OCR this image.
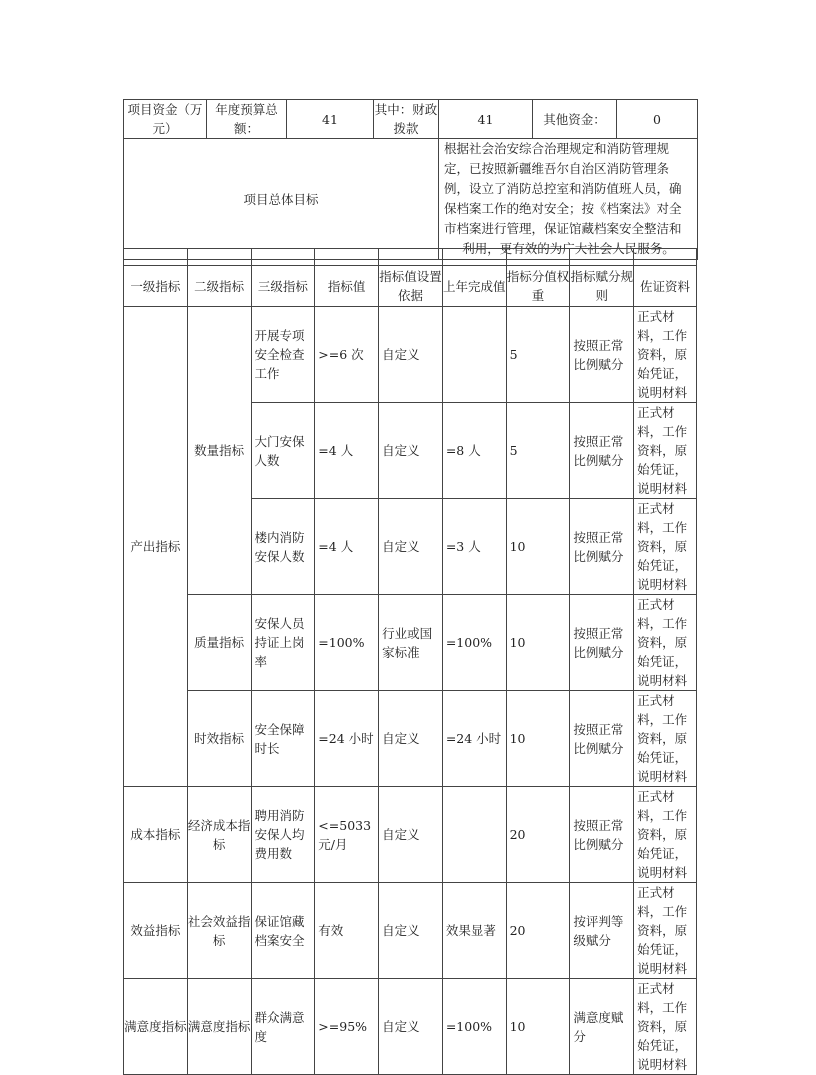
项目资金（万元）	年度预算总额：	41	其中：财政拨款	41	其他资金：	0
项目总体目标				根据社会治安综合治理规定和消防管理规定，已按照新疆维吾尔自治区消防管理条例，设立了消防总控室和消防值班人员，确保档案工作的绝对安全；按《档案法》对全市档案进行管理，保证馆藏档案安全整洁和利用，更有效的为广大社会人民服务。		

一级指标	二级指标	三级指标	指标值	指标值设置依据	上年完成值	指标分值权重	指标赋分规则	佐证资料
产出指标	数量指标	开展专项安全检查工作	>=6 次	自定义		5	按照正常比例赋分	正式材料，工作资料，原始凭证，说明材料
		大门安保人数	=4 人	自定义	=8 人	5	按照正常比例赋分	正式材料，工作资料，原始凭证，说明材料
		楼内消防安保人数	=4 人	自定义	=3 人	10	按照正常比例赋分	正式材料，工作资料，原始凭证，说明材料
	质量指标	安保人员持证上岗率	=100%	行业或国家标准	=100%	10	按照正常比例赋分	正式材料，工作资料，原始凭证，说明材料
	时效指标	安全保障时长	=24 小时	自定义	=24 小时	10	按照正常比例赋分	正式材料，工作资料，原始凭证，说明材料
成本指标	经济成本指标	聘用消防安保人均费用数	<=5033 元/月	自定义		20	按照正常比例赋分	正式材料，工作资料，原始凭证，说明材料
效益指标	社会效益指标	保证馆藏档案安全	有效	自定义	效果显著	20	按评判等级赋分	正式材料，工作资料，原始凭证，说明材料
满意度指标	满意度指标	群众满意度	>=95%	自定义	=100%	10	满意度赋分	正式材料，工作资料，原始凭证，说明材料
